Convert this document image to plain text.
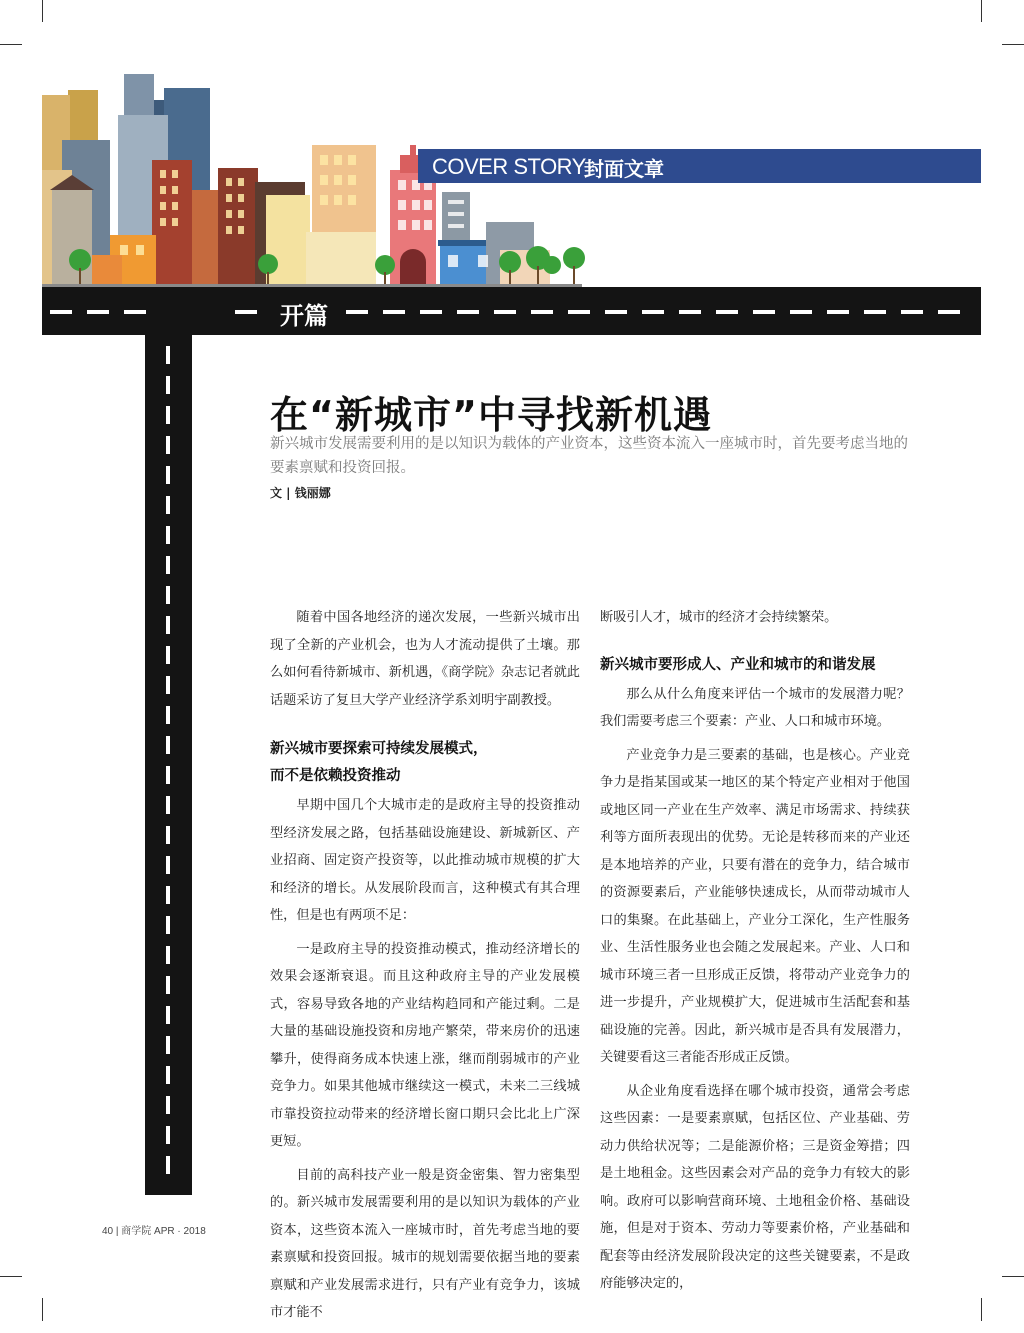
COVER STORY
封面文章
开篇
在“新城市”中寻找新机遇
新兴城市发展需要利用的是以知识为载体的产业资本，这些资本流入一座城市时，首先要考虑当地的要素禀赋和投资回报。
文 | 钱丽娜

随着中国各地经济的递次发展，一些新兴城市出现了全新的产业机会，也为人才流动提供了土壤。那么如何看待新城市、新机遇，《商学院》杂志记者就此话题采访了复旦大学产业经济学系刘明宇副教授。

新兴城市要探索可持续发展模式，
而不是依赖投资推动

早期中国几个大城市走的是政府主导的投资推动型经济发展之路，包括基础设施建设、新城新区、产业招商、固定资产投资等，以此推动城市规模的扩大和经济的增长。从发展阶段而言，这种模式有其合理性，但是也有两项不足：

一是政府主导的投资推动模式，推动经济增长的效果会逐渐衰退。而且这种政府主导的产业发展模式，容易导致各地的产业结构趋同和产能过剩。二是大量的基础设施投资和房地产繁荣，带来房价的迅速攀升，使得商务成本快速上涨，继而削弱城市的产业竞争力。如果其他城市继续这一模式，未来二三线城市靠投资拉动带来的经济增长窗口期只会比北上广深更短。

目前的高科技产业一般是资金密集、智力密集型的。新兴城市发展需要利用的是以知识为载体的产业资本，这些资本流入一座城市时，首先考虑当地的要素禀赋和投资回报。城市的规划需要依据当地的要素禀赋和产业发展需求进行，只有产业有竞争力，该城市才能不

断吸引人才，城市的经济才会持续繁荣。

新兴城市要形成人、产业和城市的和谐发展

那么从什么角度来评估一个城市的发展潜力呢？我们需要考虑三个要素：产业、人口和城市环境。

产业竞争力是三要素的基础，也是核心。产业竞争力是指某国或某一地区的某个特定产业相对于他国或地区同一产业在生产效率、满足市场需求、持续获利等方面所表现出的优势。无论是转移而来的产业还是本地培养的产业，只要有潜在的竞争力，结合城市的资源要素后，产业能够快速成长，从而带动城市人口的集聚。在此基础上，产业分工深化，生产性服务业、生活性服务业也会随之发展起来。产业、人口和城市环境三者一旦形成正反馈，将带动产业竞争力的进一步提升，产业规模扩大，促进城市生活配套和基础设施的完善。因此，新兴城市是否具有发展潜力，关键要看这三者能否形成正反馈。

从企业角度看选择在哪个城市投资，通常会考虑这些因素：一是要素禀赋，包括区位、产业基础、劳动力供给状况等；二是能源价格；三是资金筹措；四是土地租金。这些因素会对产品的竞争力有较大的影响。政府可以影响营商环境、土地租金价格、基础设施，但是对于资本、劳动力等要素价格，产业基础和配套等由经济发展阶段决定的这些关键要素，不是政府能够决定的，

40 | 商学院 APR · 2018
